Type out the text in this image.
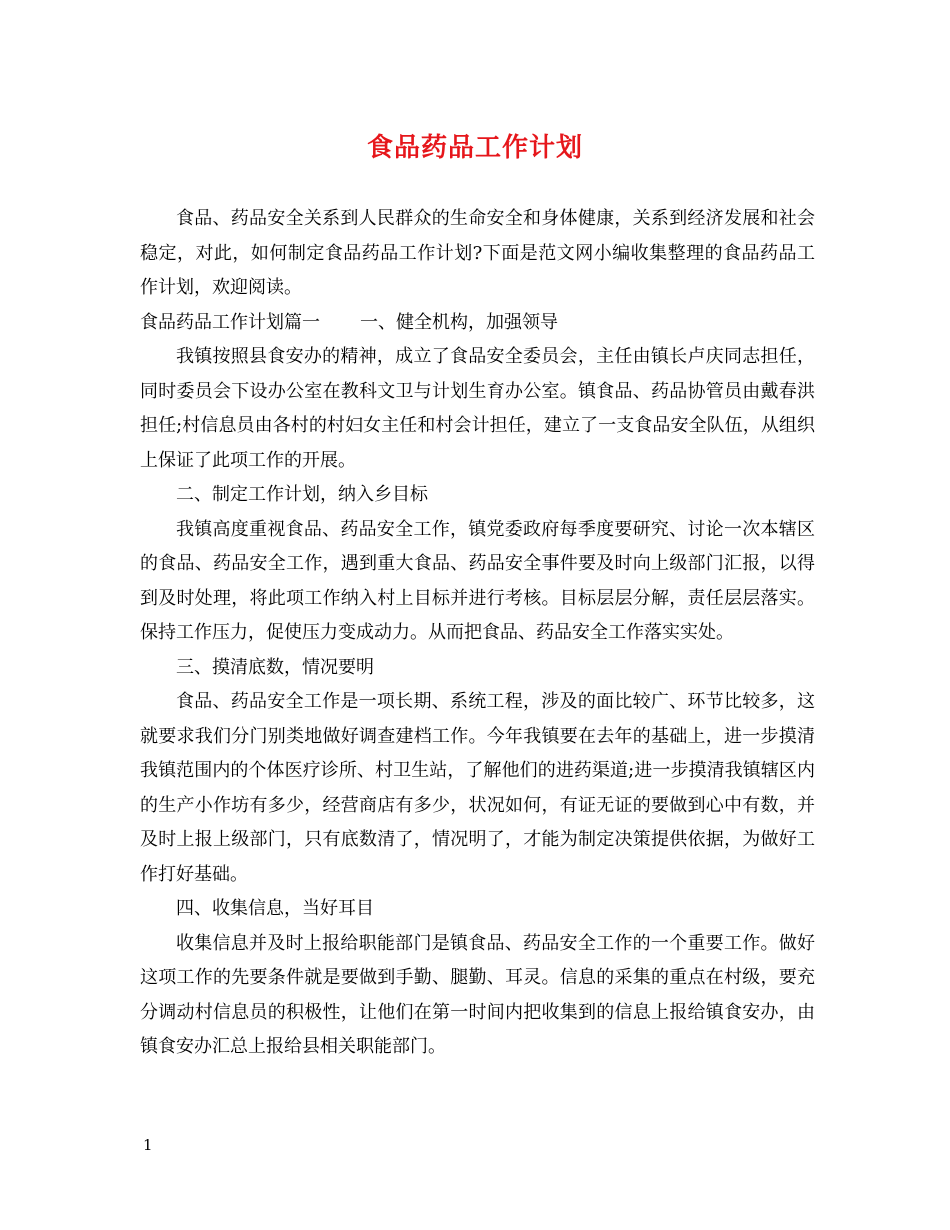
食品药品工作计划

食品、药品安全关系到人民群众的生命安全和身体健康，关系到经济发展和社会稳定，对此，如何制定食品药品工作计划?下面是范文网小编收集整理的食品药品工作计划，欢迎阅读。

食品药品工作计划篇一 一、健全机构，加强领导

我镇按照县食安办的精神，成立了食品安全委员会，主任由镇长卢庆同志担任，同时委员会下设办公室在教科文卫与计划生育办公室。镇食品、药品协管员由戴春洪担任;村信息员由各村的村妇女主任和村会计担任，建立了一支食品安全队伍，从组织上保证了此项工作的开展。

二、制定工作计划，纳入乡目标

我镇高度重视食品、药品安全工作，镇党委政府每季度要研究、讨论一次本辖区的食品、药品安全工作，遇到重大食品、药品安全事件要及时向上级部门汇报，以得到及时处理，将此项工作纳入村上目标并进行考核。目标层层分解，责任层层落实。保持工作压力，促使压力变成动力。从而把食品、药品安全工作落实实处。

三、摸清底数，情况要明

食品、药品安全工作是一项长期、系统工程，涉及的面比较广、环节比较多，这就要求我们分门别类地做好调查建档工作。今年我镇要在去年的基础上，进一步摸清我镇范围内的个体医疗诊所、村卫生站，了解他们的进药渠道;进一步摸清我镇辖区内的生产小作坊有多少，经营商店有多少，状况如何，有证无证的要做到心中有数，并及时上报上级部门，只有底数清了，情况明了，才能为制定决策提供依据，为做好工作打好基础。

四、收集信息，当好耳目

收集信息并及时上报给职能部门是镇食品、药品安全工作的一个重要工作。做好这项工作的先要条件就是要做到手勤、腿勤、耳灵。信息的采集的重点在村级，要充分调动村信息员的积极性，让他们在第一时间内把收集到的信息上报给镇食安办，由镇食安办汇总上报给县相关职能部门。

1
